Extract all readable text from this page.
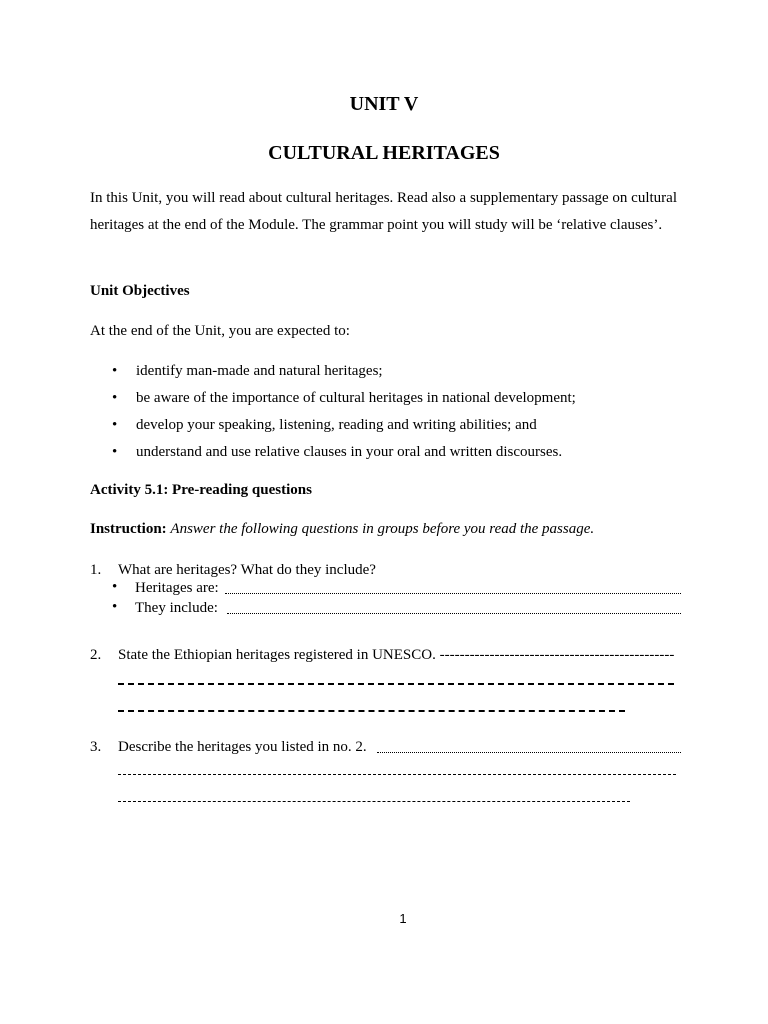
UNIT V
CULTURAL HERITAGES
In this Unit, you will read about cultural heritages. Read also a supplementary passage on cultural heritages at the end of the Module. The grammar point you will study will be ‘relative clauses’.
Unit Objectives
At the end of the Unit, you are expected to:
• identify man-made and natural heritages;
• be aware of the importance of cultural heritages in national development;
• develop your speaking, listening, reading and writing abilities; and
• understand and use relative clauses in your oral and written discourses.
Activity 5.1: Pre-reading questions
Instruction: Answer the following questions in groups before you read the passage.
1. What are heritages? What do they include?
• Heritages are:
• They include:
2. State the Ethiopian heritages registered in UNESCO. -----------------------------------------------
3. Describe the heritages you listed in no. 2.
1
